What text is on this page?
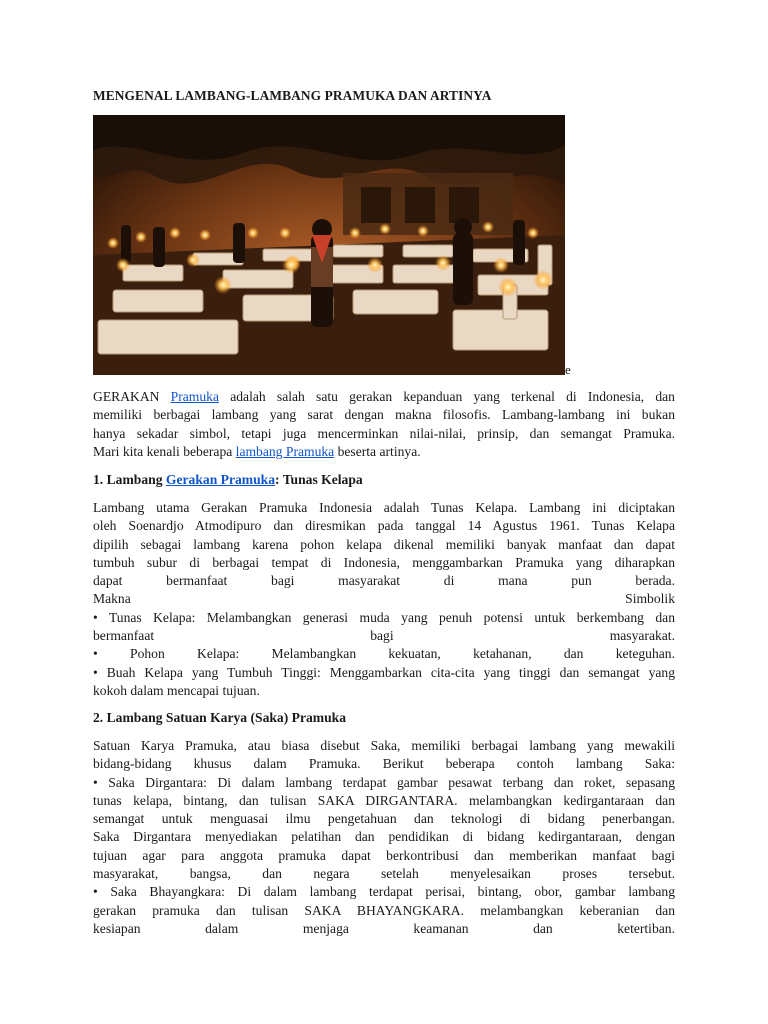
MENGENAL LAMBANG-LAMBANG PRAMUKA DAN ARTINYA
e

GERAKAN Pramuka adalah salah satu gerakan kepanduan yang terkenal di Indonesia, dan
memiliki berbagai lambang yang sarat dengan makna filosofis. Lambang-lambang ini bukan
hanya sekadar simbol, tetapi juga mencerminkan nilai-nilai, prinsip, dan semangat Pramuka.
Mari kita kenali beberapa lambang Pramuka beserta artinya.

1. Lambang Gerakan Pramuka: Tunas Kelapa

Lambang utama Gerakan Pramuka Indonesia adalah Tunas Kelapa. Lambang ini diciptakan
oleh Soenardjo Atmodipuro dan diresmikan pada tanggal 14 Agustus 1961. Tunas Kelapa
dipilih sebagai lambang karena pohon kelapa dikenal memiliki banyak manfaat dan dapat
tumbuh subur di berbagai tempat di Indonesia, menggambarkan Pramuka yang diharapkan
dapat bermanfaat bagi masyarakat di mana pun berada.
Makna Simbolik
• Tunas Kelapa: Melambangkan generasi muda yang penuh potensi untuk berkembang dan
bermanfaat bagi masyarakat.
• Pohon Kelapa: Melambangkan kekuatan, ketahanan, dan keteguhan.
• Buah Kelapa yang Tumbuh Tinggi: Menggambarkan cita-cita yang tinggi dan semangat yang
kokoh dalam mencapai tujuan.

2. Lambang Satuan Karya (Saka) Pramuka

Satuan Karya Pramuka, atau biasa disebut Saka, memiliki berbagai lambang yang mewakili
bidang-bidang khusus dalam Pramuka. Berikut beberapa contoh lambang Saka:
• Saka Dirgantara: Di dalam lambang terdapat gambar pesawat terbang dan roket, sepasang
tunas kelapa, bintang, dan tulisan SAKA DIRGANTARA. melambangkan kedirgantaraan dan
semangat untuk menguasai ilmu pengetahuan dan teknologi di bidang penerbangan.
Saka Dirgantara menyediakan pelatihan dan pendidikan di bidang kedirgantaraan, dengan
tujuan agar para anggota pramuka dapat berkontribusi dan memberikan manfaat bagi
masyarakat, bangsa, dan negara setelah menyelesaikan proses tersebut.
• Saka Bhayangkara: Di dalam lambang terdapat perisai, bintang, obor, gambar lambang
gerakan pramuka dan tulisan SAKA BHAYANGKARA. melambangkan keberanian dan
kesiapan dalam menjaga keamanan dan ketertiban.
